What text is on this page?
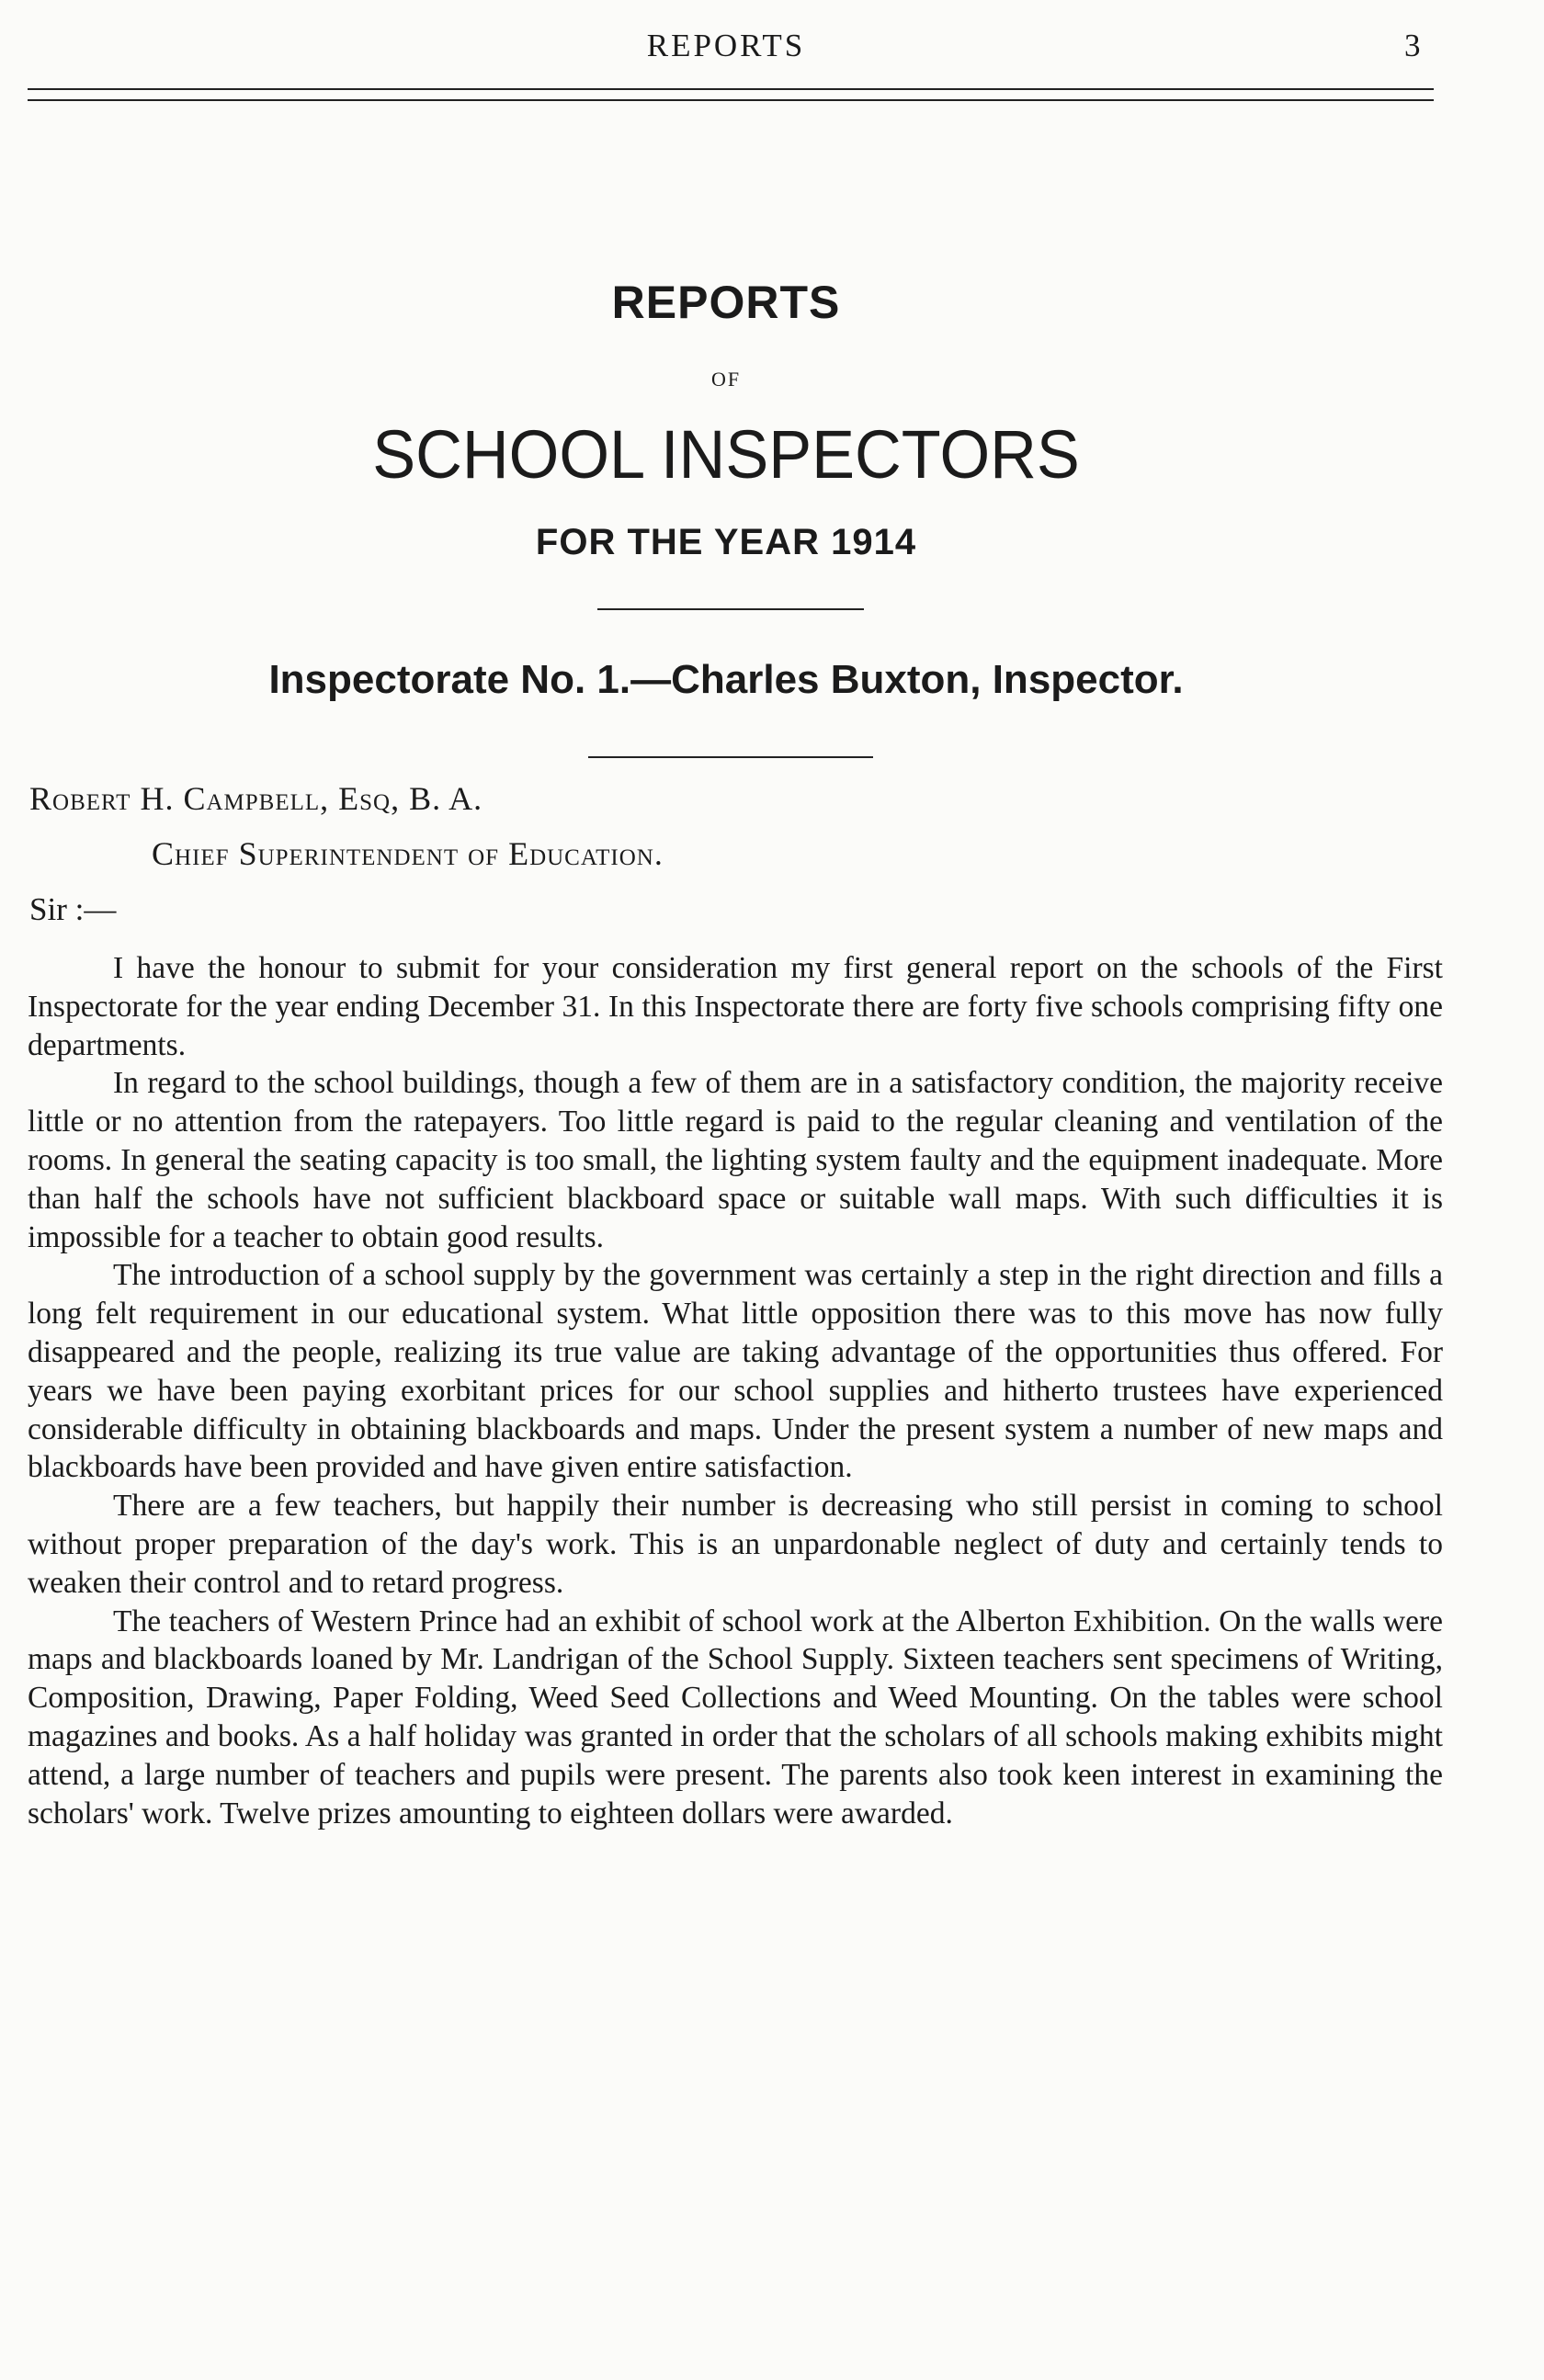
REPORTS	3
REPORTS
OF
SCHOOL INSPECTORS
FOR THE YEAR 1914
Inspectorate No. 1.—Charles Buxton, Inspector.
Robert H. Campbell, Esq, B. A.
Chief Superintendent of Education.
Sir :—

I have the honour to submit for your consideration my first general report on the schools of the First Inspectorate for the year ending December 31. In this Inspectorate there are forty five schools comprising fifty one departments.

In regard to the school buildings, though a few of them are in a satisfactory condition, the majority receive little or no attention from the ratepayers. Too little regard is paid to the regular cleaning and ventilation of the rooms. In general the seating capacity is too small, the lighting system faulty and the equipment inadequate. More than half the schools have not sufficient blackboard space or suitable wall maps. With such difficulties it is impossible for a teacher to obtain good results.

The introduction of a school supply by the government was certainly a step in the right direction and fills a long felt requirement in our educational system. What little opposition there was to this move has now fully disappeared and the people, realizing its true value are taking advantage of the opportunities thus offered. For years we have been paying exorbitant prices for our school supplies and hitherto trustees have experienced considerable difficulty in obtaining blackboards and maps. Under the present system a number of new maps and blackboards have been provided and have given entire satisfaction.

There are a few teachers, but happily their number is decreasing who still persist in coming to school without proper preparation of the day's work. This is an unpardonable neglect of duty and certainly tends to weaken their control and to retard progress.

The teachers of Western Prince had an exhibit of school work at the Alberton Exhibition. On the walls were maps and blackboards loaned by Mr. Landrigan of the School Supply. Sixteen teachers sent specimens of Writing, Composition, Drawing, Paper Folding, Weed Seed Collections and Weed Mounting. On the tables were school magazines and books. As a half holiday was granted in order that the scholars of all schools making exhibits might attend, a large number of teachers and pupils were present. The parents also took keen interest in examining the scholars' work. Twelve prizes amounting to eighteen dollars were awarded.
